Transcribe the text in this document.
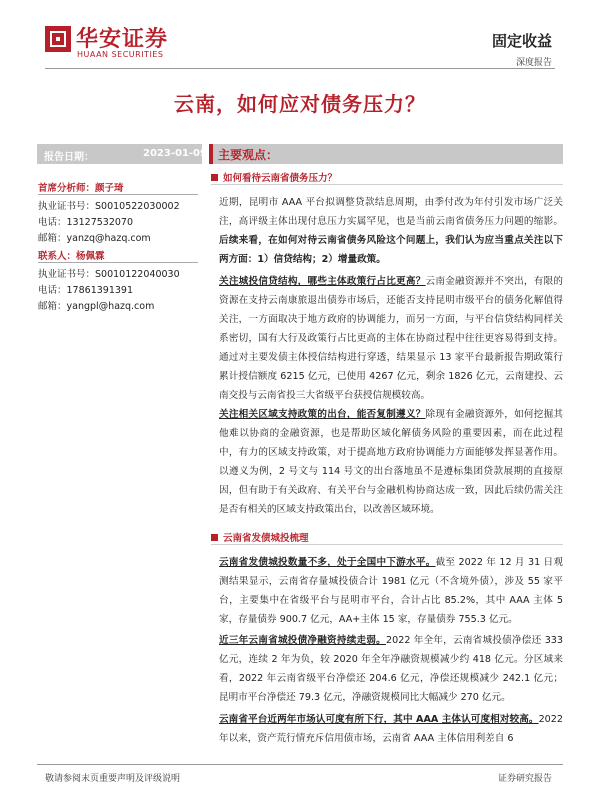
华安证券
HUAAN SECURITIES
固定收益
深度报告
云南，如何应对债务压力？
报告日期：	2023-01-09
首席分析师：颜子琦
执业证书号：S0010522030002
电话：13127532070
邮箱：yanzq@hazq.com
联系人：杨佩霖
执业证书号：S0010122040030
电话：17861391391
邮箱：yangpl@hazq.com
主要观点：
如何看待云南省债务压力？

近期，昆明市 AAA 平台拟调整贷款结息周期，由季付改为年付引发市场广泛关注，高评级主体出现付息压力实属罕见，也是当前云南省债务压力问题的缩影。后续来看，在如何对待云南省债务风险这个问题上，我们认为应当重点关注以下两方面：1）信贷结构；2）增量政策。

关注城投信贷结构，哪些主体政策行占比更高？云南金融资源并不突出，有限的资源在支持云南康旅退出债券市场后，还能否支持昆明市级平台的债务化解值得关注，一方面取决于地方政府的协调能力，而另一方面，与平台信贷结构同样关系密切，国有大行及政策行占比更高的主体在协商过程中往往更容易得到支持。通过对主要发债主体授信结构进行穿透，结果显示 13 家平台最新报告期政策行累计授信额度 6215 亿元，已使用 4267 亿元，剩余 1826 亿元，云南建投、云南交投与云南省投三大省级平台获授信规模较高。

关注相关区域支持政策的出台，能否复制遵义？除现有金融资源外，如何挖掘其他难以协商的金融资源，也是帮助区域化解债务风险的重要因素，而在此过程中，有力的区域支持政策，对于提高地方政府协调能力方面能够发挥显著作用。以遵义为例，2 号文与 114 号文的出台落地虽不是遵标集团贷款展期的直接原因，但有助于有关政府、有关平台与金融机构协商达成一致，因此后续仍需关注是否有相关的区域支持政策出台，以改善区域环境。

云南省发债城投梳理

云南省发债城投数量不多，处于全国中下游水平。截至 2022 年 12 月 31 日观测结果显示，云南省存量城投债合计 1981 亿元（不含境外债），涉及 55 家平台，主要集中在省级平台与昆明市平台，合计占比 85.2%，其中 AAA 主体 5 家，存量债券 900.7 亿元，AA+主体 15 家，存量债券 755.3 亿元。

近三年云南省城投债净融资持续走弱。2022 年全年，云南省城投债净偿还 333 亿元，连续 2 年为负，较 2020 年全年净融资规模减少约 418 亿元。分区域来看，2022 年云南省级平台净偿还 204.6 亿元，净偿还规模减少 242.1 亿元；昆明市平台净偿还 79.3 亿元，净融资规模同比大幅减少 270 亿元。

云南省平台近两年市场认可度有所下行，其中 AAA 主体认可度相对较高。2022 年以来，资产荒行情充斥信用债市场，云南省 AAA 主体信用利差自 6

敬请参阅末页重要声明及评级说明	证券研究报告
